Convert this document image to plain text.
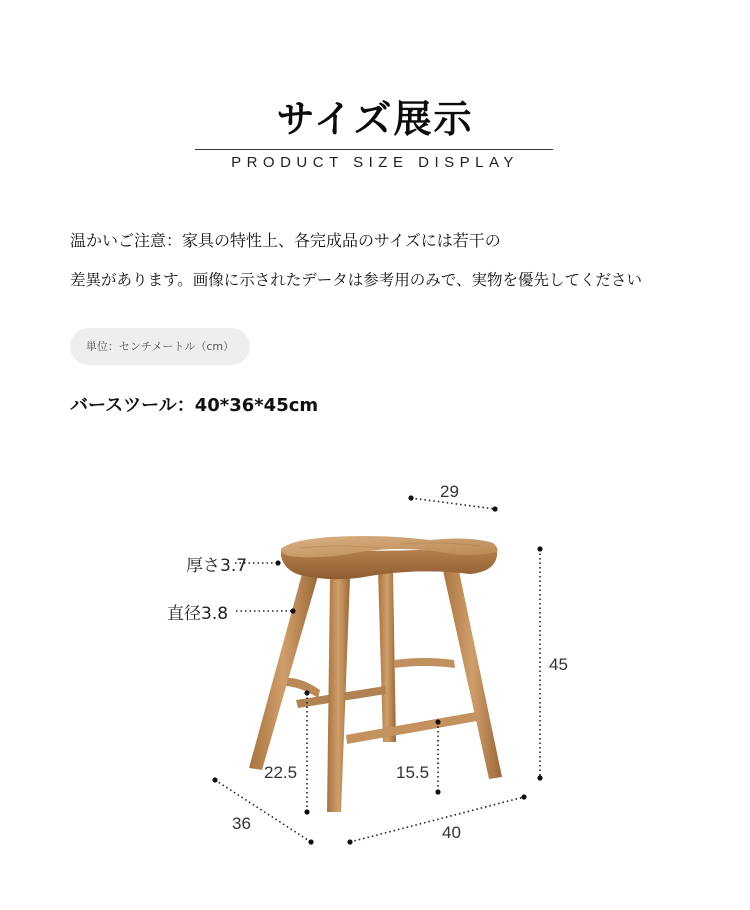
サイズ展示
PRODUCT SIZE DISPLAY
温かいご注意：家具の特性上、各完成品のサイズには若干の
差異があります。画像に示されたデータは参考用のみで、実物を優先してください
単位：センチメートル（cm）
バースツール：40*36*45cm
29
厚さ3.7
直径3.8
45
22.5	15.5
36	40
